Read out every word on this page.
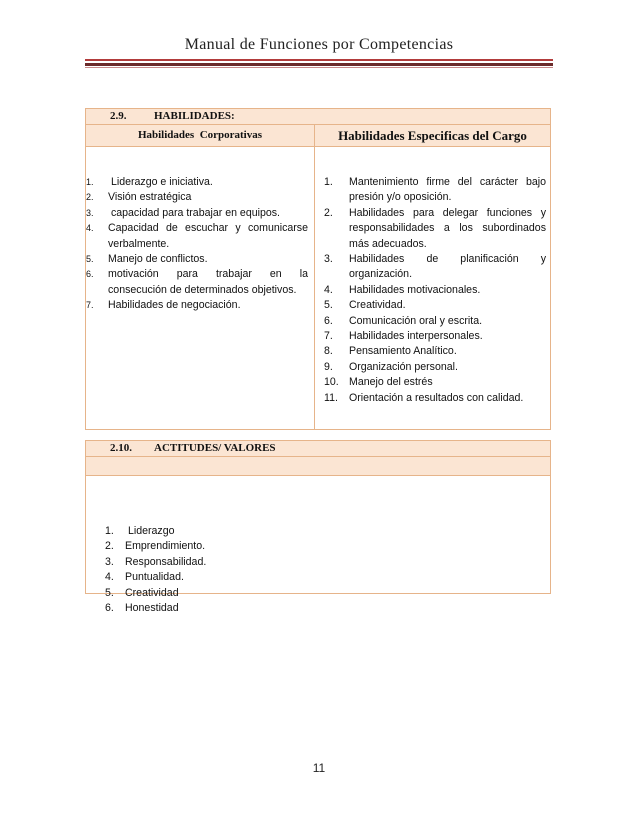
Manual de Funciones por Competencias
2.9.	HABILIDADES:
Habilidades  Corporativas	Habilidades Especificas del Cargo
1. Liderazgo e iniciativa.
2. Visión estratégica
3. capacidad para trabajar en equipos.
4. Capacidad de escuchar y comunicarse verbalmente.
5. Manejo de conflictos.
6. motivación para trabajar en la consecución de determinados objetivos.
7. Habilidades de negociación.
1. Mantenimiento firme del carácter bajo presión y/o oposición.
2. Habilidades para delegar funciones y responsabilidades a los subordinados más adecuados.
3. Habilidades de planificación y organización.
4. Habilidades motivacionales.
5. Creatividad.
6. Comunicación oral y escrita.
7. Habilidades interpersonales.
8. Pensamiento Analítico.
9. Organización personal.
10. Manejo del estrés
11. Orientación a resultados con calidad.
2.10. ACTITUDES/ VALORES
1. Liderazgo
2. Emprendimiento.
3. Responsabilidad.
4. Puntualidad.
5. Creatividad
6. Honestidad
11
